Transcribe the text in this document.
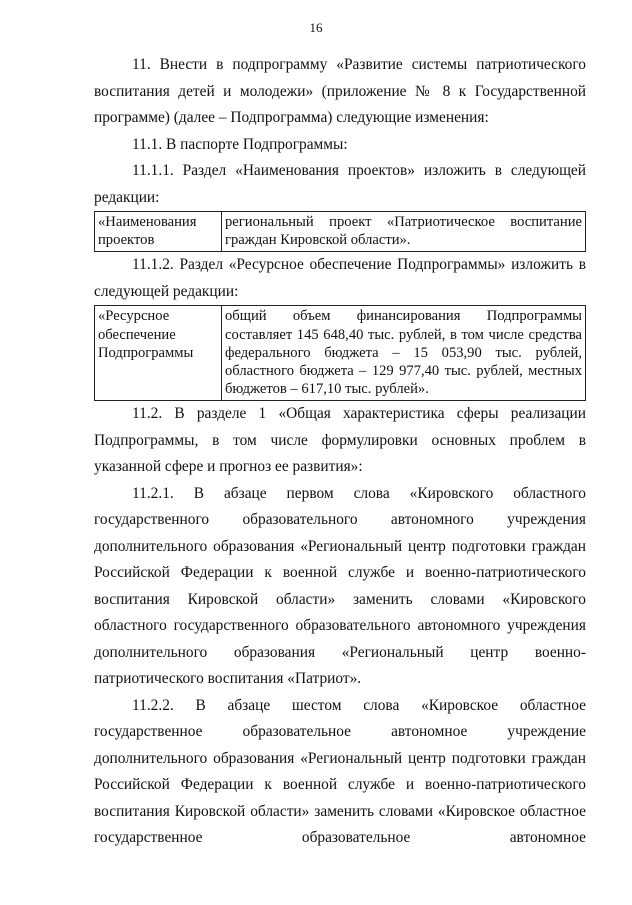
16

11. Внести в подпрограмму «Развитие системы патриотического воспитания детей и молодежи» (приложение № 8 к Государственной программе) (далее – Подпрограмма) следующие изменения:

11.1. В паспорте Подпрограммы:

11.1.1. Раздел «Наименования проектов» изложить в следующей редакции:

«Наименования проектов	региональный проект «Патриотическое воспитание граждан Кировской области».

11.1.2. Раздел «Ресурсное обеспечение Подпрограммы» изложить в следующей редакции:

«Ресурсное обеспечение Подпрограммы	общий объем финансирования Подпрограммы составляет 145 648,40 тыс. рублей, в том числе средства федерального бюджета – 15 053,90 тыс. рублей, областного бюджета – 129 977,40 тыс. рублей, местных бюджетов – 617,10 тыс. рублей».

11.2. В разделе 1 «Общая характеристика сферы реализации Подпрограммы, в том числе формулировки основных проблем в указанной сфере и прогноз ее развития»:

11.2.1. В абзаце первом слова «Кировского областного государственного образовательного автономного учреждения дополнительного образования «Региональный центр подготовки граждан Российской Федерации к военной службе и военно-патриотического воспитания Кировской области» заменить словами «Кировского областного государственного образовательного автономного учреждения дополнительного образования «Региональный центр военно-патриотического воспитания «Патриот».

11.2.2. В абзаце шестом слова «Кировское областное государственное образовательное автономное учреждение дополнительного образования «Региональный центр подготовки граждан Российской Федерации к военной службе и военно-патриотического воспитания Кировской области» заменить словами «Кировское областное государственное образовательное автономное
